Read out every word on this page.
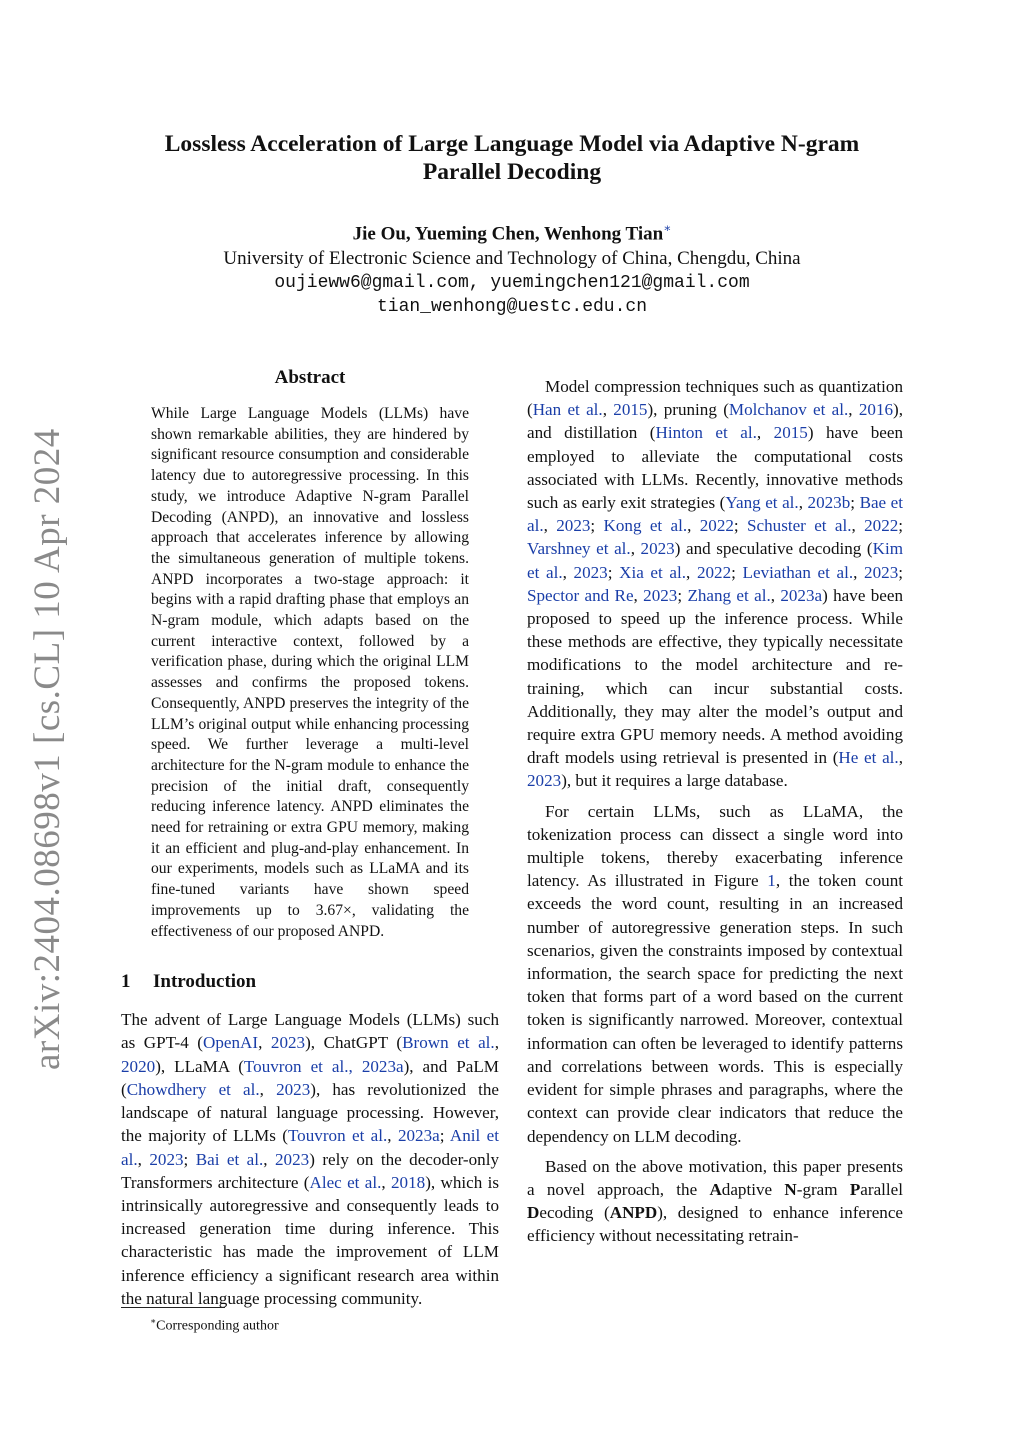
arXiv:2404.08698v1 [cs.CL] 10 Apr 2024
Lossless Acceleration of Large Language Model via Adaptive N-gram
Parallel Decoding
Jie Ou, Yueming Chen, Wenhong Tian∗
University of Electronic Science and Technology of China, Chengdu, China
oujieww6@gmail.com, yuemingchen121@gmail.com
tian_wenhong@uestc.edu.cn
Abstract

While Large Language Models (LLMs) have shown remarkable abilities, they are hindered by significant resource consumption and considerable latency due to autoregressive processing. In this study, we introduce Adaptive N-gram Parallel Decoding (ANPD), an innovative and lossless approach that accelerates inference by allowing the simultaneous generation of multiple tokens. ANPD incorporates a two-stage approach: it begins with a rapid drafting phase that employs an N-gram module, which adapts based on the current interactive context, followed by a verification phase, during which the original LLM assesses and confirms the proposed tokens. Consequently, ANPD preserves the integrity of the LLM’s original output while enhancing processing speed. We further leverage a multi-level architecture for the N-gram module to enhance the precision of the initial draft, consequently reducing inference latency. ANPD eliminates the need for retraining or extra GPU memory, making it an efficient and plug-and-play enhancement. In our experiments, models such as LLaMA and its fine-tuned variants have shown speed improvements up to 3.67×, validating the effectiveness of our proposed ANPD.

1 Introduction

The advent of Large Language Models (LLMs) such as GPT-4 (OpenAI, 2023), ChatGPT (Brown et al., 2020), LLaMA (Touvron et al., 2023a), and PaLM (Chowdhery et al., 2023), has revolutionized the landscape of natural language processing. However, the majority of LLMs (Touvron et al., 2023a; Anil et al., 2023; Bai et al., 2023) rely on the decoder-only Transformers architecture (Alec et al., 2018), which is intrinsically autoregressive and consequently leads to increased generation time during inference. This characteristic has made the improvement of LLM inference efficiency a significant research area within the natural language processing community.

Model compression techniques such as quantization (Han et al., 2015), pruning (Molchanov et al., 2016), and distillation (Hinton et al., 2015) have been employed to alleviate the computational costs associated with LLMs. Recently, innovative methods such as early exit strategies (Yang et al., 2023b; Bae et al., 2023; Kong et al., 2022; Schuster et al., 2022; Varshney et al., 2023) and speculative decoding (Kim et al., 2023; Xia et al., 2022; Leviathan et al., 2023; Spector and Re, 2023; Zhang et al., 2023a) have been proposed to speed up the inference process. While these methods are effective, they typically necessitate modifications to the model architecture and re-training, which can incur substantial costs. Additionally, they may alter the model’s output and require extra GPU memory needs. A method avoiding draft models using retrieval is presented in (He et al., 2023), but it requires a large database.

For certain LLMs, such as LLaMA, the tokenization process can dissect a single word into multiple tokens, thereby exacerbating inference latency. As illustrated in Figure 1, the token count exceeds the word count, resulting in an increased number of autoregressive generation steps. In such scenarios, given the constraints imposed by contextual information, the search space for predicting the next token that forms part of a word based on the current token is significantly narrowed. Moreover, contextual information can often be leveraged to identify patterns and correlations between words. This is especially evident for simple phrases and paragraphs, where the context can provide clear indicators that reduce the dependency on LLM decoding.

Based on the above motivation, this paper presents a novel approach, the Adaptive N-gram Parallel Decoding (ANPD), designed to enhance inference efficiency without necessitating retrain-

∗Corresponding author
